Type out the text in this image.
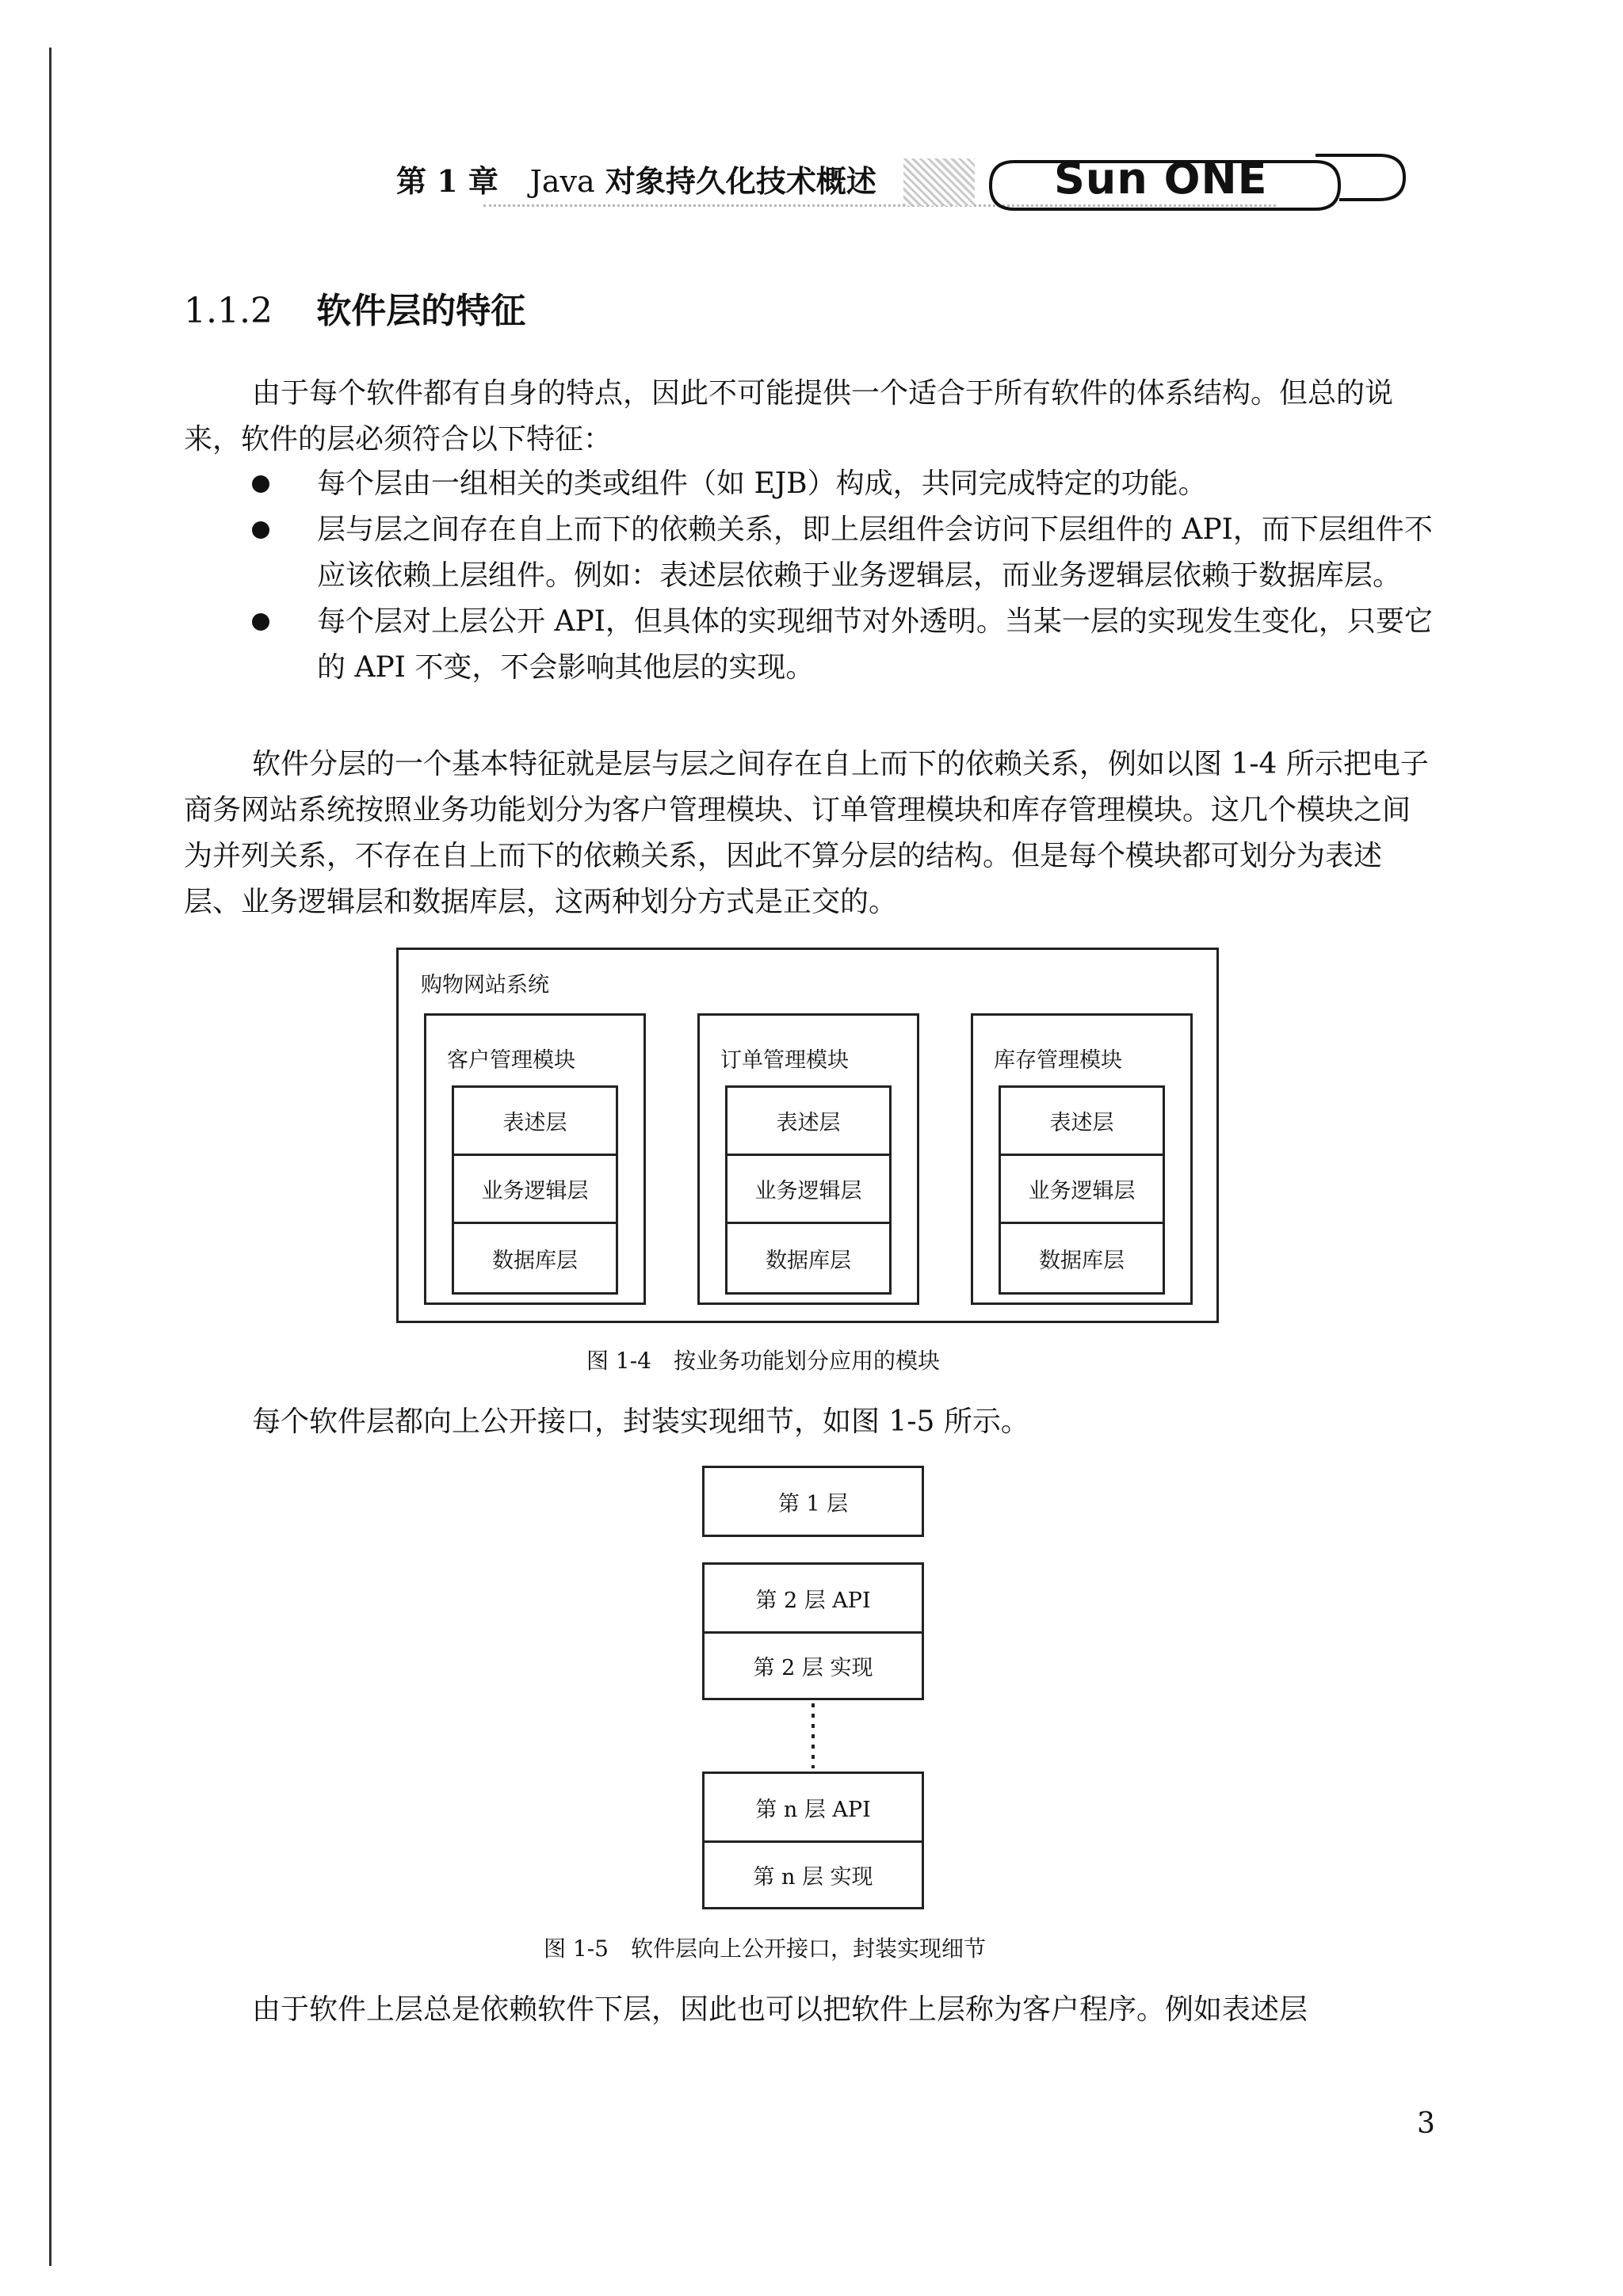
第 1 章 Java 对象持久化技术概述	Sun ONE
1.1.2 软件层的特征
由于每个软件都有自身的特点，因此不可能提供一个适合于所有软件的体系结构。但总的说来，软件的层必须符合以下特征：
每个层由一组相关的类或组件（如 EJB）构成，共同完成特定的功能。
层与层之间存在自上而下的依赖关系，即上层组件会访问下层组件的 API，而下层组件不应该依赖上层组件。例如：表述层依赖于业务逻辑层，而业务逻辑层依赖于数据库层。
每个层对上层公开 API，但具体的实现细节对外透明。当某一层的实现发生变化，只要它的 API 不变，不会影响其他层的实现。
软件分层的一个基本特征就是层与层之间存在自上而下的依赖关系，例如以图 1-4 所示把电子商务网站系统按照业务功能划分为客户管理模块、订单管理模块和库存管理模块。这几个模块之间为并列关系，不存在自上而下的依赖关系，因此不算分层的结构。但是每个模块都可划分为表述层、业务逻辑层和数据库层，这两种划分方式是正交的。
购物网站系统
客户管理模块
表述层
业务逻辑层
数据库层
订单管理模块
表述层
业务逻辑层
数据库层
库存管理模块
表述层
业务逻辑层
数据库层
图 1-4　按业务功能划分应用的模块
每个软件层都向上公开接口，封装实现细节，如图 1-5 所示。
第 1 层
第 2 层 API
第 2 层 实现
第 n 层 API
第 n 层 实现
图 1-5　软件层向上公开接口，封装实现细节
由于软件上层总是依赖软件下层，因此也可以把软件上层称为客户程序。例如表述层
3
